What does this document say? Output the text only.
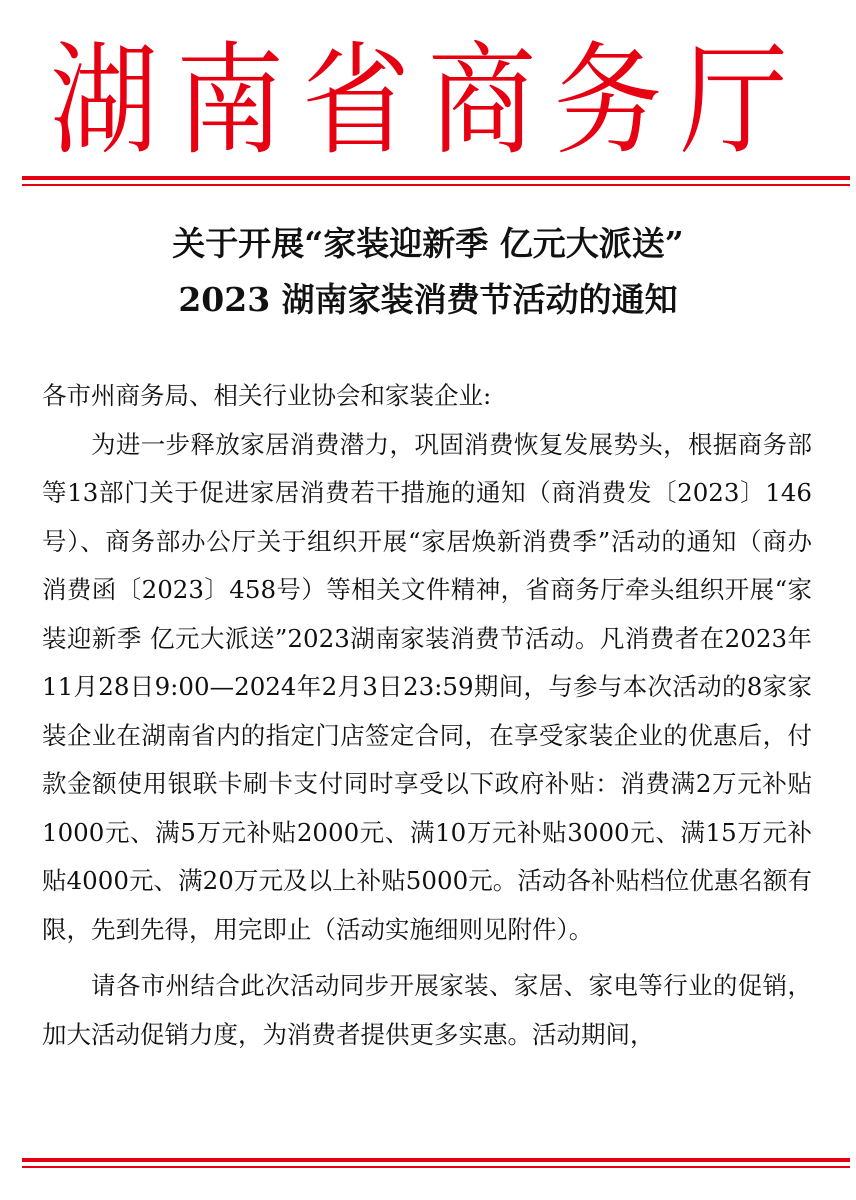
湖南省商务厅
关于开展“家装迎新季 亿元大派送”
2023 湖南家装消费节活动的通知

各市州商务局、相关行业协会和家装企业:

为进一步释放家居消费潜力，巩固消费恢复发展势头，根据商务部等13部门关于促进家居消费若干措施的通知（商消费发〔2023〕146号）、商务部办公厅关于组织开展“家居焕新消费季”活动的通知（商办消费函〔2023〕458号）等相关文件精神，省商务厅牵头组织开展“家装迎新季 亿元大派送”2023湖南家装消费节活动。凡消费者在2023年11月28日9:00—2024年2月3日23:59期间，与参与本次活动的8家家装企业在湖南省内的指定门店签定合同，在享受家装企业的优惠后，付款金额使用银联卡刷卡支付同时享受以下政府补贴：消费满2万元补贴1000元、满5万元补贴2000元、满10万元补贴3000元、满15万元补贴4000元、满20万元及以上补贴5000元。活动各补贴档位优惠名额有限，先到先得，用完即止（活动实施细则见附件）。

请各市州结合此次活动同步开展家装、家居、家电等行业的促销，加大活动促销力度，为消费者提供更多实惠。活动期间，
